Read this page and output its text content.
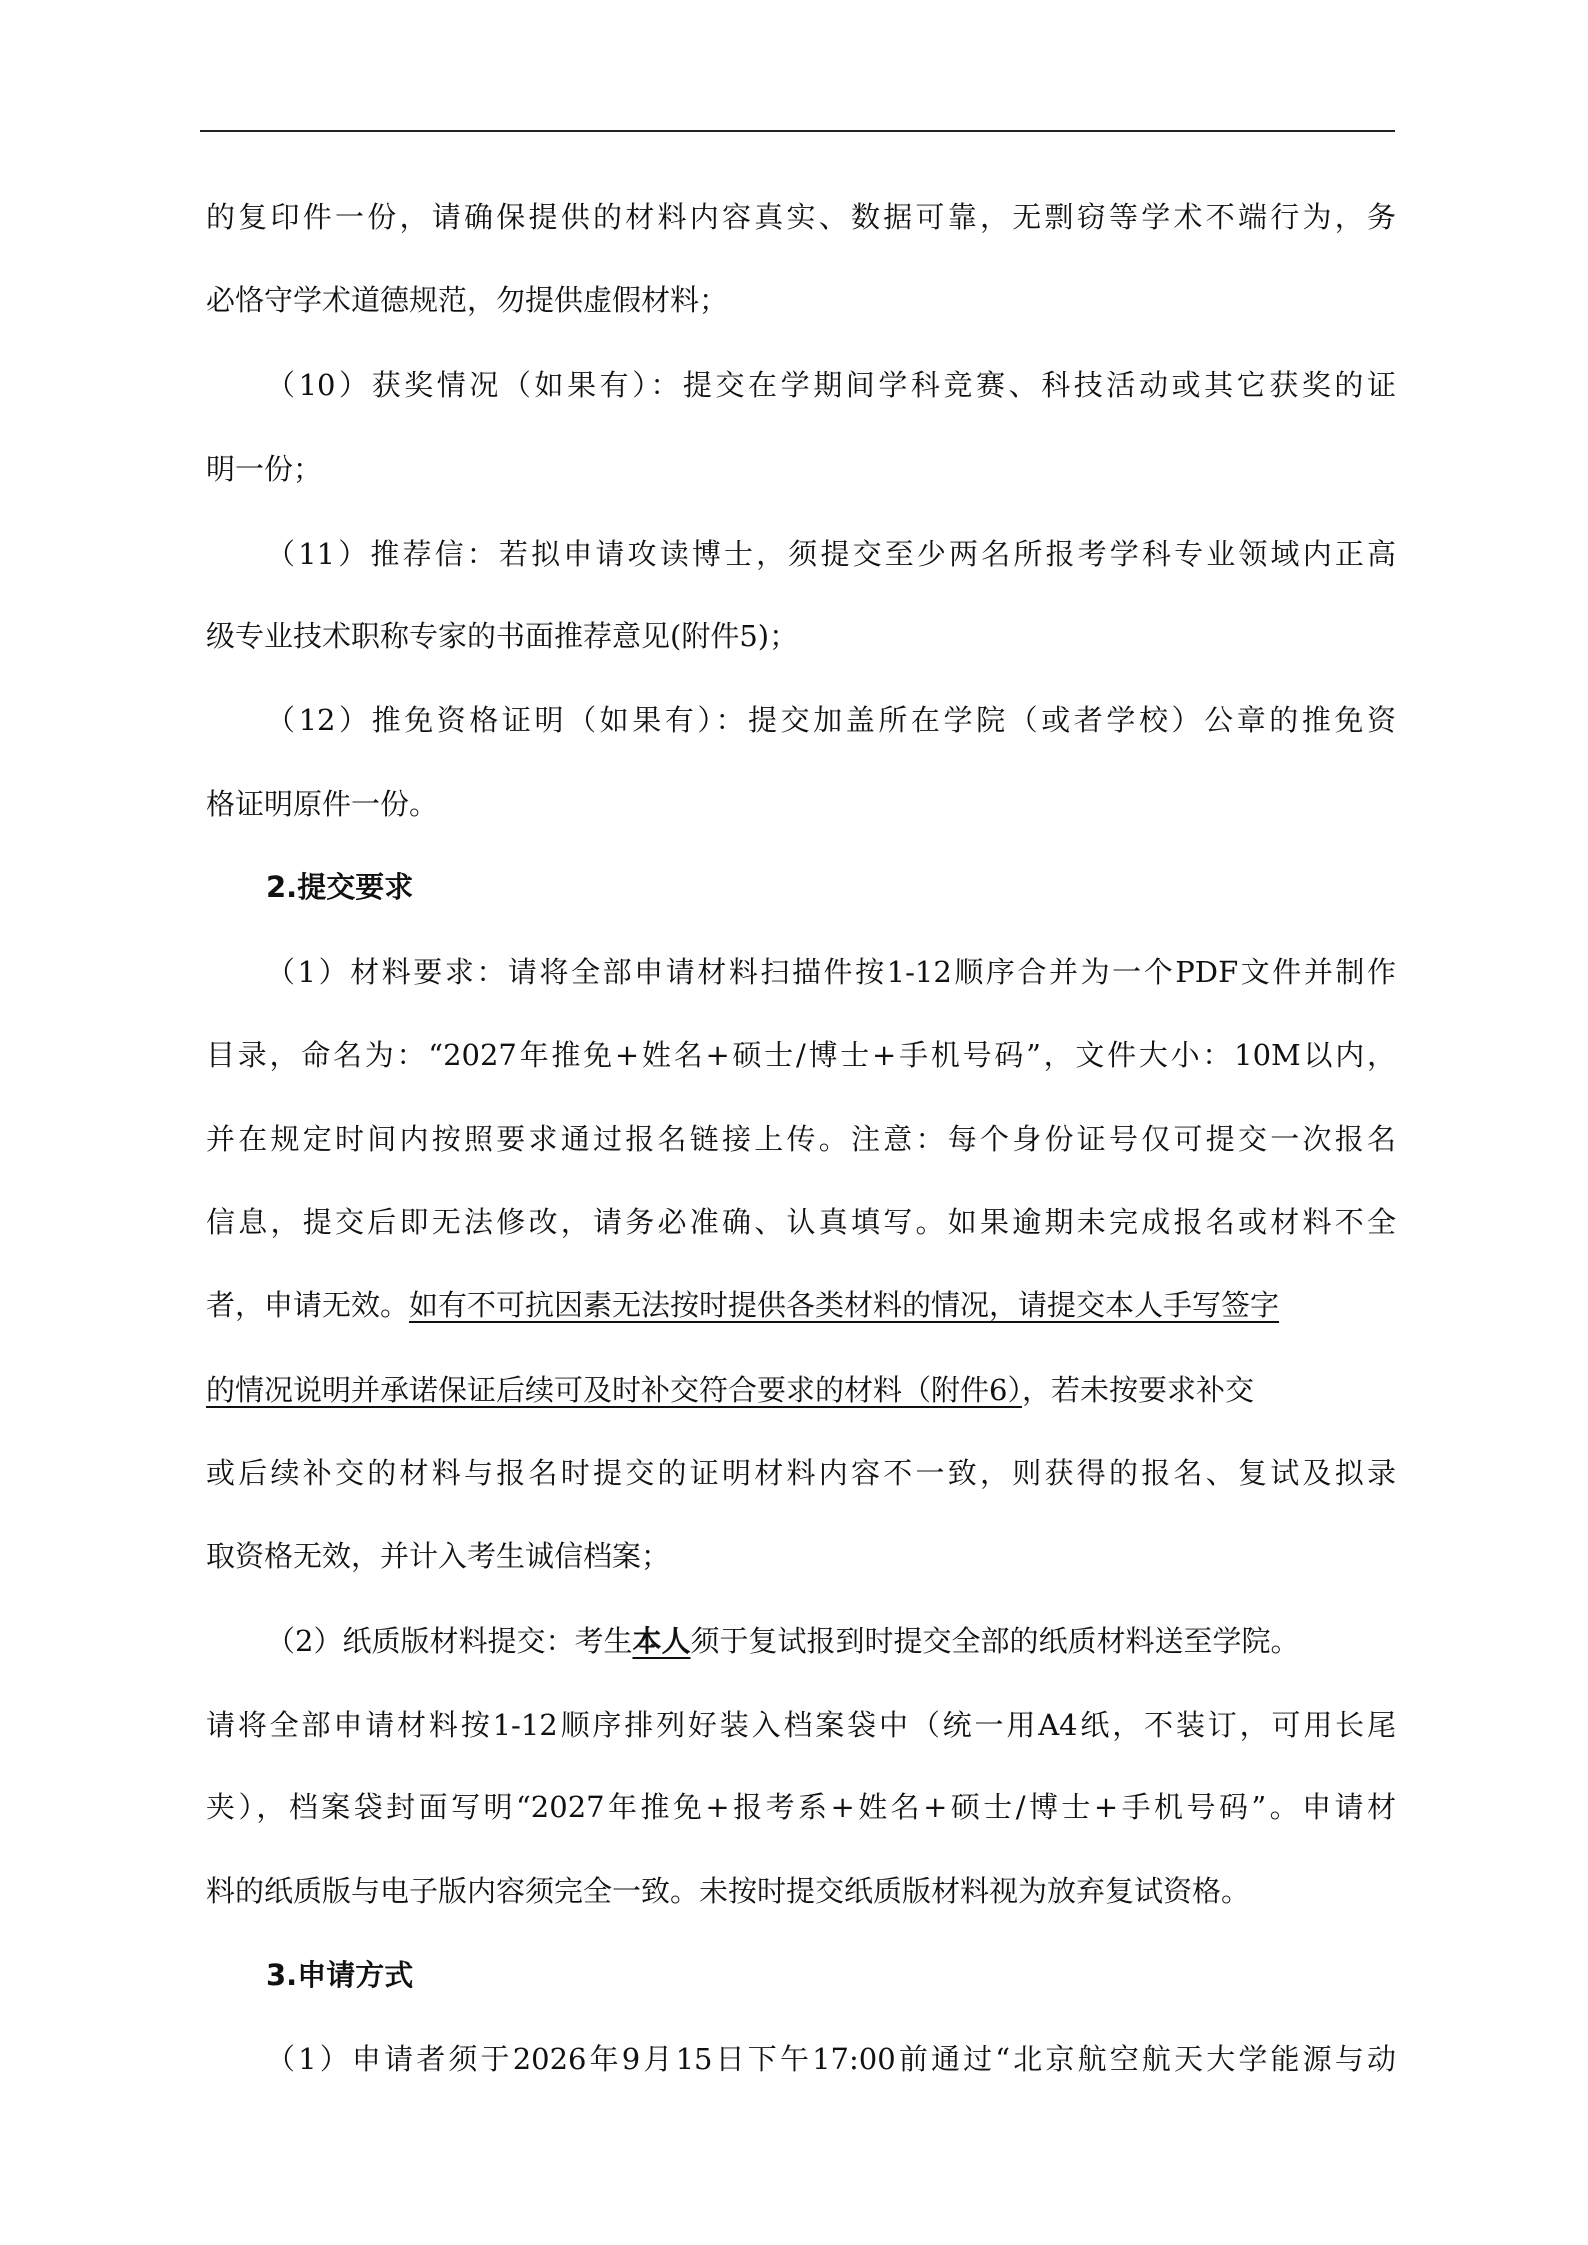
的复印件一份，请确保提供的材料内容真实、数据可靠，无剽窃等学术不端行为，务
必恪守学术道德规范，勿提供虚假材料；
（10）获奖情况（如果有）：提交在学期间学科竞赛、科技活动或其它获奖的证
明一份；
（11）推荐信：若拟申请攻读博士，须提交至少两名所报考学科专业领域内正高
级专业技术职称专家的书面推荐意见(附件5)；
（12）推免资格证明（如果有）：提交加盖所在学院（或者学校）公章的推免资
格证明原件一份。
2.提交要求
（1）材料要求：请将全部申请材料扫描件按1-12顺序合并为一个PDF文件并制作
目录，命名为：“2027年推免+姓名+硕士/博士+手机号码”，文件大小：10M以内，
并在规定时间内按照要求通过报名链接上传。注意：每个身份证号仅可提交一次报名
信息，提交后即无法修改，请务必准确、认真填写。如果逾期未完成报名或材料不全
者，申请无效。如有不可抗因素无法按时提供各类材料的情况，请提交本人手写签字
的情况说明并承诺保证后续可及时补交符合要求的材料（附件6），若未按要求补交
或后续补交的材料与报名时提交的证明材料内容不一致，则获得的报名、复试及拟录
取资格无效，并计入考生诚信档案；
（2）纸质版材料提交：考生本人须于复试报到时提交全部的纸质材料送至学院。
请将全部申请材料按1-12顺序排列好装入档案袋中（统一用A4纸，不装订，可用长尾
夹），档案袋封面写明“2027年推免+报考系+姓名+硕士/博士+手机号码”。申请材
料的纸质版与电子版内容须完全一致。未按时提交纸质版材料视为放弃复试资格。
3.申请方式
（1）申请者须于2026年9月15日下午17:00前通过“北京航空航天大学能源与动
